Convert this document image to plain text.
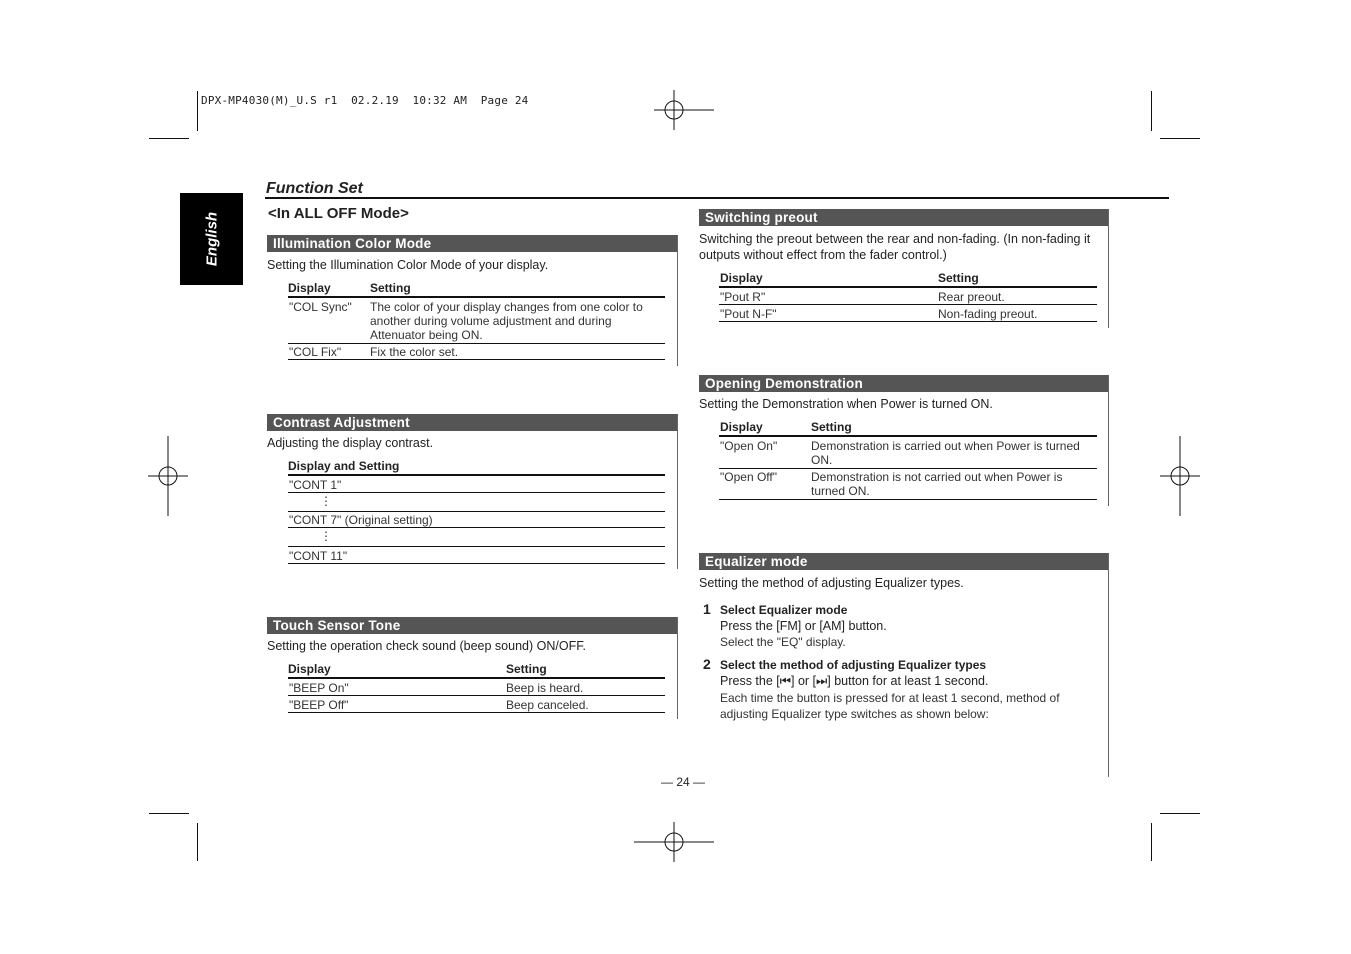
DPX-MP4030(M)_U.S r1  02.2.19  10:32 AM  Page 24
English
Function Set
<In ALL OFF Mode>
Illumination Color Mode
Setting the Illumination Color Mode of your display.
Display	Setting
"COL Sync" The color of your display changes from one color to another during volume adjustment and during Attenuator being ON.
"COL Fix" Fix the color set.
Contrast Adjustment
Adjusting the display contrast.
Display and Setting
"CONT 1"
⋮
"CONT 7" (Original setting)
⋮
"CONT 11"
Touch Sensor Tone
Setting the operation check sound (beep sound) ON/OFF.
Display	Setting
"BEEP On"	Beep is heard.
"BEEP Off"	Beep canceled.
Switching preout
Switching the preout between the rear and non-fading. (In non-fading it outputs without effect from the fader control.)
Display	Setting
"Pout R"	Rear preout.
"Pout N-F"	Non-fading preout.
Opening Demonstration
Setting the Demonstration when Power is turned ON.
Display	Setting
"Open On"	Demonstration is carried out when Power is turned ON.
"Open Off"	Demonstration is not carried out when Power is turned ON.
Equalizer mode
Setting the method of adjusting Equalizer types.
1 Select Equalizer mode
Press the [FM] or [AM] button.
Select the "EQ" display.
2 Select the method of adjusting Equalizer types
Press the [⏮] or [⏭] button for at least 1 second.
Each time the button is pressed for at least 1 second, method of adjusting Equalizer type switches as shown below:
— 24 —
